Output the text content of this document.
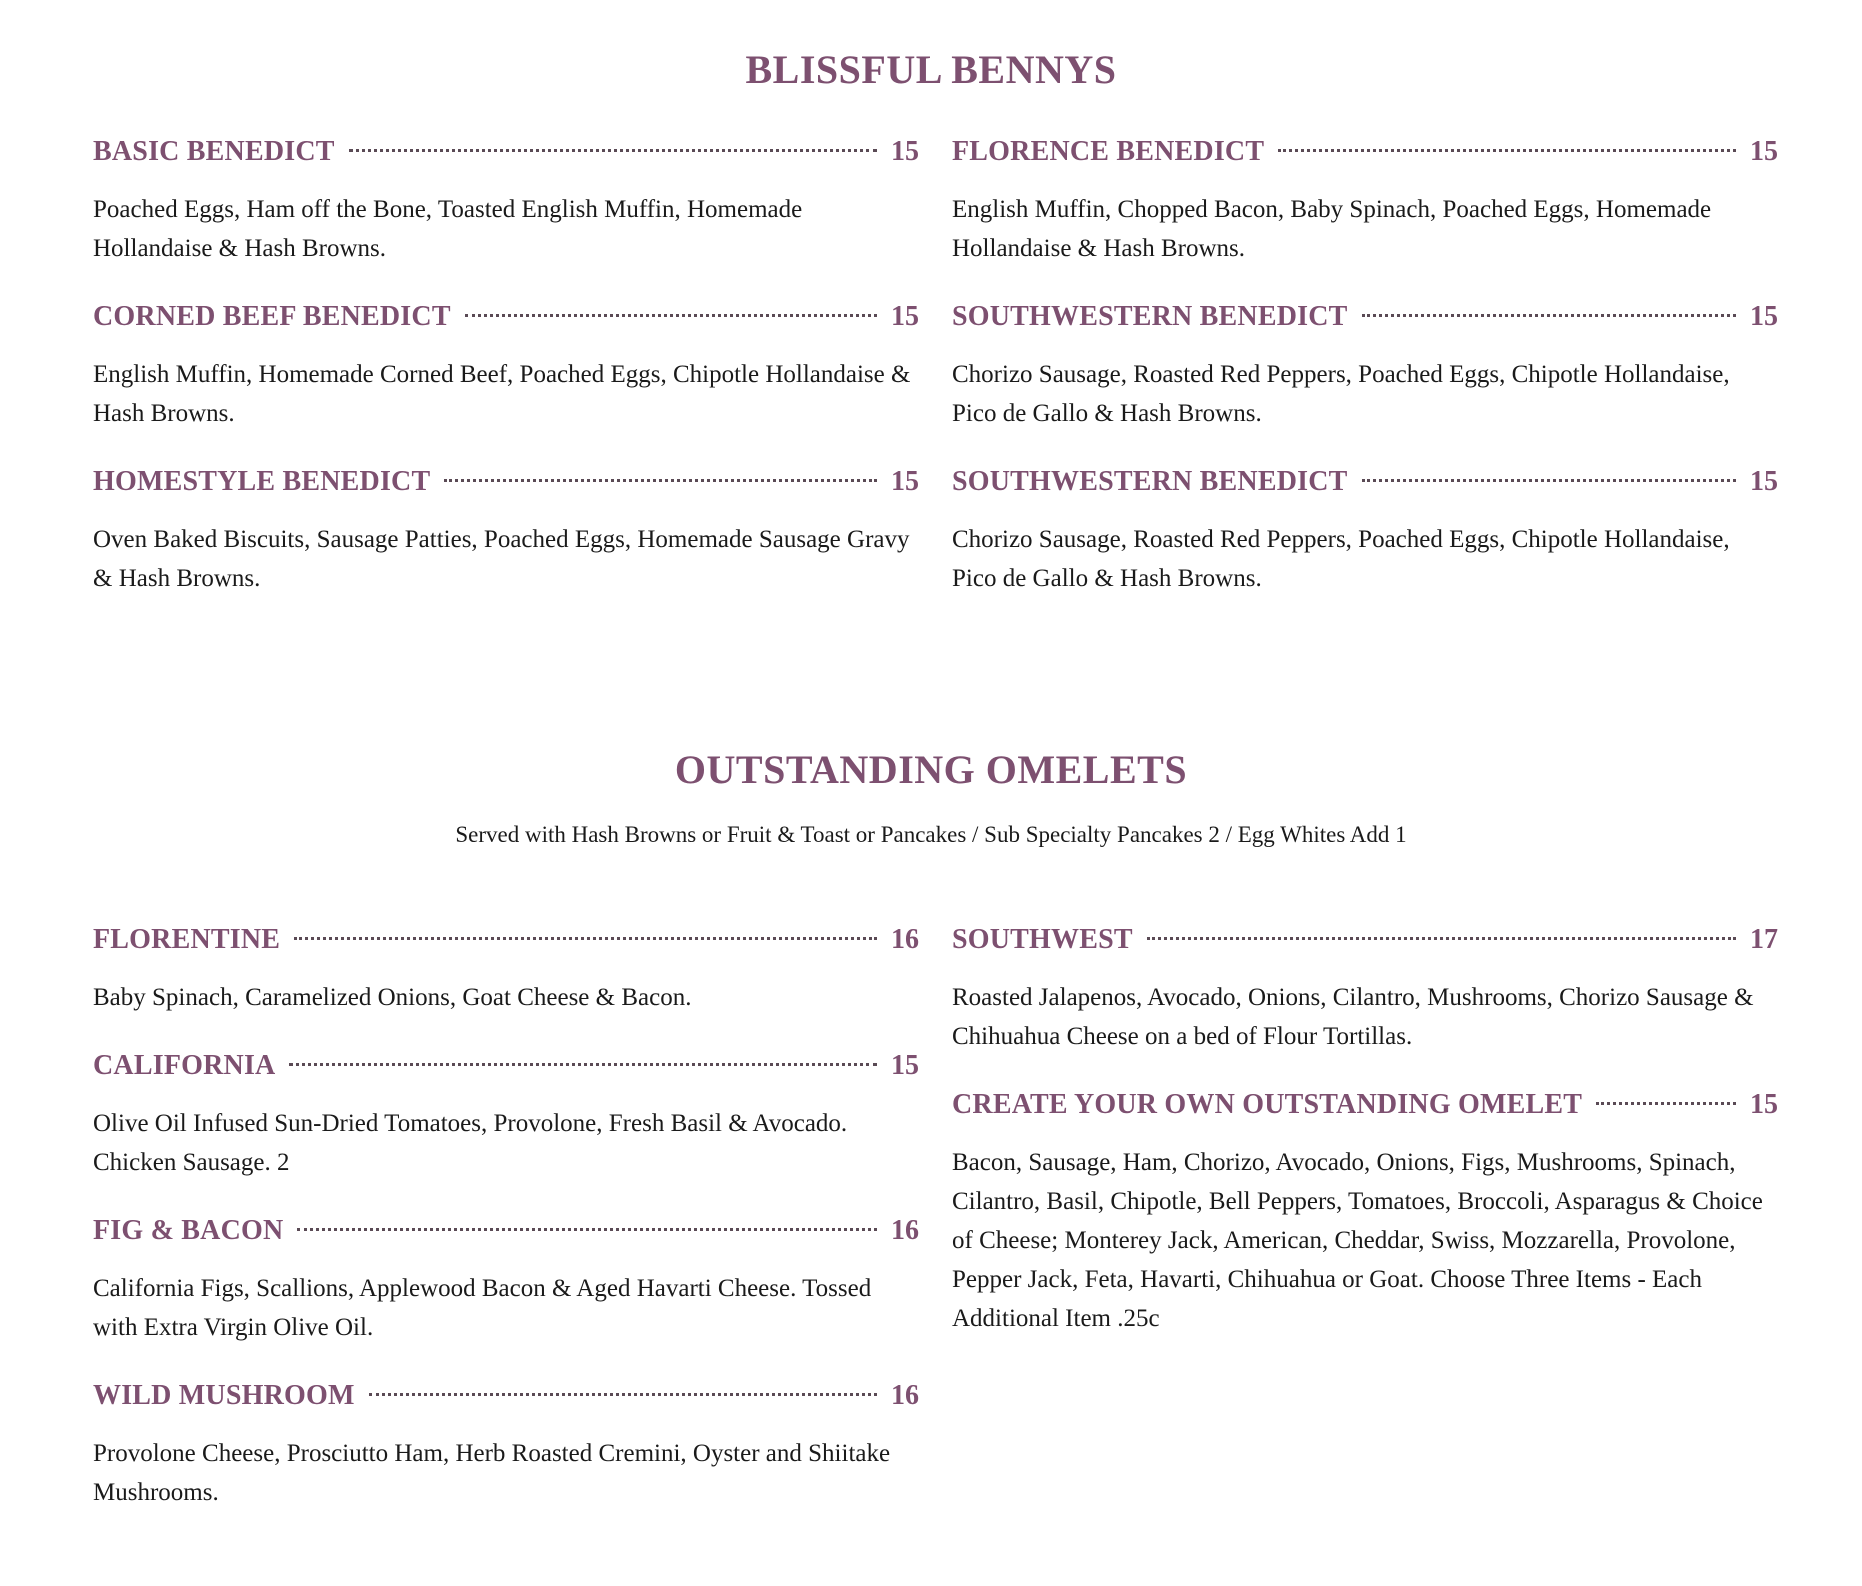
BLISSFUL BENNYS
BASIC BENEDICT	15

Poached Eggs, Ham off the Bone, Toasted English Muffin, Homemade Hollandaise & Hash Browns.

CORNED BEEF BENEDICT	15

English Muffin, Homemade Corned Beef, Poached Eggs, Chipotle Hollandaise & Hash Browns.

HOMESTYLE BENEDICT	15

Oven Baked Biscuits, Sausage Patties, Poached Eggs, Homemade Sausage Gravy & Hash Browns.

FLORENCE BENEDICT	15

English Muffin, Chopped Bacon, Baby Spinach, Poached Eggs, Homemade Hollandaise & Hash Browns.

SOUTHWESTERN BENEDICT	15

Chorizo Sausage, Roasted Red Peppers, Poached Eggs, Chipotle Hollandaise, Pico de Gallo & Hash Browns.

SOUTHWESTERN BENEDICT	15

Chorizo Sausage, Roasted Red Peppers, Poached Eggs, Chipotle Hollandaise, Pico de Gallo & Hash Browns.

OUTSTANDING OMELETS

Served with Hash Browns or Fruit & Toast or Pancakes / Sub Specialty Pancakes 2 / Egg Whites Add 1

FLORENTINE	16

Baby Spinach, Caramelized Onions, Goat Cheese & Bacon.

CALIFORNIA	15

Olive Oil Infused Sun-Dried Tomatoes, Provolone, Fresh Basil & Avocado. Chicken Sausage. 2

FIG & BACON	16

California Figs, Scallions, Applewood Bacon & Aged Havarti Cheese. Tossed with Extra Virgin Olive Oil.

WILD MUSHROOM	16

Provolone Cheese, Prosciutto Ham, Herb Roasted Cremini, Oyster and Shiitake Mushrooms.

SOUTHWEST	17

Roasted Jalapenos, Avocado, Onions, Cilantro, Mushrooms, Chorizo Sausage & Chihuahua Cheese on a bed of Flour Tortillas.

CREATE YOUR OWN OUTSTANDING OMELET	15

Bacon, Sausage, Ham, Chorizo, Avocado, Onions, Figs, Mushrooms, Spinach, Cilantro, Basil, Chipotle, Bell Peppers, Tomatoes, Broccoli, Asparagus & Choice of Cheese; Monterey Jack, American, Cheddar, Swiss, Mozzarella, Provolone, Pepper Jack, Feta, Havarti, Chihuahua or Goat. Choose Three Items - Each Additional Item .25c
